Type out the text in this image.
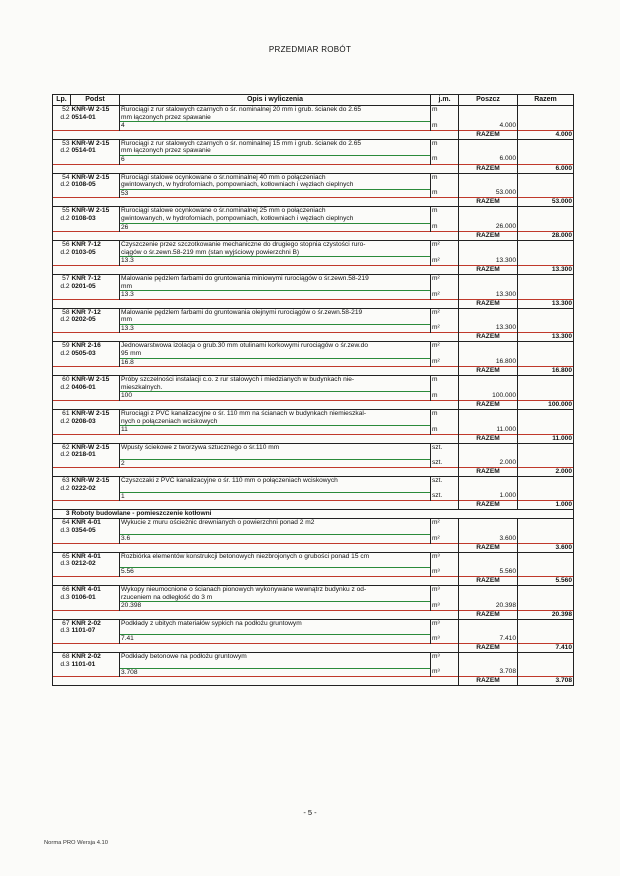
PRZEDMIAR ROBÓT
Lp.	Podst	Opis i wyliczenia	j.m.	Poszcz	Razem
52	KNR-W 2-15	Rurociągi z rur stalowych czarnych o śr. nominalnej 20 mm i grub. ścianek do 2.65	m		
d.2	0514-01	mm łączonych przez spawanie			
		4	m	4.000	
				RAZEM	4.000
53	KNR-W 2-15	Rurociągi z rur stalowych czarnych o śr. nominalnej 15 mm i grub. ścianek do 2.65	m		
d.2	0514-01	mm łączonych przez spawanie			
		6	m	6.000	
				RAZEM	6.000
54	KNR-W 2-15	Rurociągi stalowe ocynkowane o śr.nominalnej 40 mm o połączeniach	m		
d.2	0108-05	gwintowanych, w hydroforniach, pompowniach, kotłowniach i węzłach cieplnych			
		53	m	53.000	
				RAZEM	53.000
55	KNR-W 2-15	Rurociągi stalowe ocynkowane o śr.nominalnej 25 mm o połączeniach	m		
d.2	0108-03	gwintowanych, w hydroforniach, pompowniach, kotłowniach i węzłach cieplnych			
		26	m	26.000	
				RAZEM	28.000
56	KNR 7-12	Czyszczenie przez szczotkowanie mechaniczne do drugiego stopnia czystości ruro-	m²		
d.2	0103-05	ciągów o śr.zewn.58-219 mm (stan wyjściowy powierzchni B)			
		13.3	m²	13.300	
				RAZEM	13.300
57	KNR 7-12	Malowanie pędzlem farbami do gruntowania miniowymi rurociągów o śr.zewn.58-219	m²		
d.2	0201-05	mm			
		13.3	m²	13.300	
				RAZEM	13.300
58	KNR 7-12	Malowanie pędzlem farbami do gruntowania olejnymi rurociągów o śr.zewn.58-219	m²		
d.2	0202-05	mm			
		13.3	m²	13.300	
				RAZEM	13.300
59	KNR 2-16	Jednowarstwowa izolacja o grub.30 mm otulinami korkowymi rurociągów o śr.zew.do	m²		
d.2	0505-03	95 mm			
		16.8	m²	16.800	
				RAZEM	16.800
60	KNR-W 2-15	Próby szczelności instalacji c.o. z rur stalowych i miedzianych w budynkach nie-	m		
d.2	0406-01	mieszkalnych.			
		100	m	100.000	
				RAZEM	100.000
61	KNR-W 2-15	Rurociągi z PVC kanalizacyjne o śr. 110 mm na ścianach w budynkach niemieszkal-	m		
d.2	0208-03	nych o połączeniach wciskowych			
		11	m	11.000	
				RAZEM	11.000
62	KNR-W 2-15	Wpusty ściekowe z tworzywa sztucznego o śr.110 mm	szt.		
d.2	0218-01				
		2	szt.	2.000	
				RAZEM	2.000
63	KNR-W 2-15	Czyszczaki z PVC kanalizacyjne o śr. 110 mm o połączeniach wciskowych	szt.		
d.2	0222-02				
		1	szt.	1.000	
				RAZEM	1.000
3	Roboty budowlane - pomieszczenie kotłowni				
64	KNR 4-01	Wykucie z muru ościeżnic drewnianych o powierzchni ponad 2 m2	m²		
d.3	0354-05				
		3.6	m²	3.600	
				RAZEM	3.600
65	KNR 4-01	Rozbiórka elementów konstrukcji betonowych niezbrojonych o grubości ponad 15 cm	m³		
d.3	0212-02				
		5.56	m³	5.560	
				RAZEM	5.560
66	KNR 4-01	Wykopy nieumocnione o ścianach pionowych wykonywane wewnątrz budynku z od-	m³		
d.3	0106-01	rzuceniem na odległość do 3 m			
		20.398	m³	20.398	
				RAZEM	20.398
67	KNR 2-02	Podkłady z ubitych materiałów sypkich na podłożu gruntowym	m³		
d.3	1101-07				
		7.41	m³	7.410	
				RAZEM	7.410
68	KNR 2-02	Podkłady betonowe na podłożu gruntowym	m³		
d.3	1101-01				
		3.708	m³	3.708	
				RAZEM	3.708
- 5 -
Norma PRO Wersja 4.10
